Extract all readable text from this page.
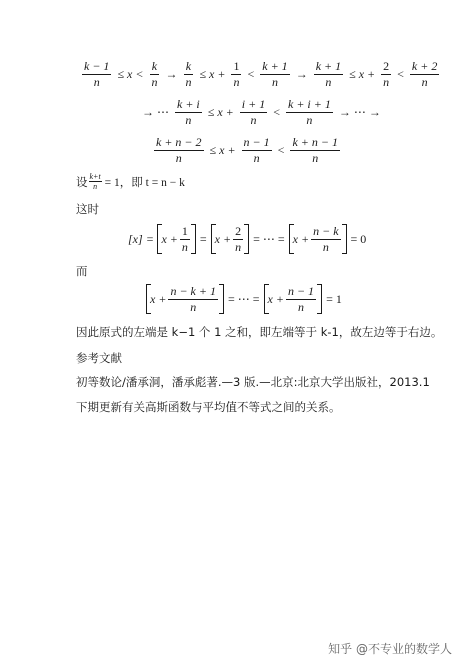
$\frac{k - 1}{n} \le x < \frac{k}{n} \to \frac{k}{n} \le x + \frac{1}{n} < \frac{k + 1}{n} \to \frac{k + 1}{n} \le x + \frac{2}{n} < \frac{k + 2}{n}$
→ ⋯ $\frac{k + i}{n} \le x + \frac{i + 1}{n} < \frac{k + i + 1}{n}$ → ⋯ →
$\frac{k + n - 2}{n} \le x + \frac{n - 1}{n} < \frac{k + n - 1}{n}$
设 $\frac{k+t}{n} = 1$，即 t = n − k
这时
$[x] = x + \frac{1}{n} = x + \frac{2}{n}$ = ⋯ = $x + \frac{n - k}{n} = 0$
而
$x + \frac{n - k + 1}{n}$ = ⋯ = $x + \frac{n - 1}{n} = 1$
因此原式的左端是 k−1 个 1 之和，即左端等于 k-1，故左边等于右边。
参考文献
初等数论/潘承洞，潘承彪著.—3 版.—北京:北京大学出版社，2013.1
下期更新有关高斯函数与平均值不等式之间的关系。
知乎 @不专业的数学人
